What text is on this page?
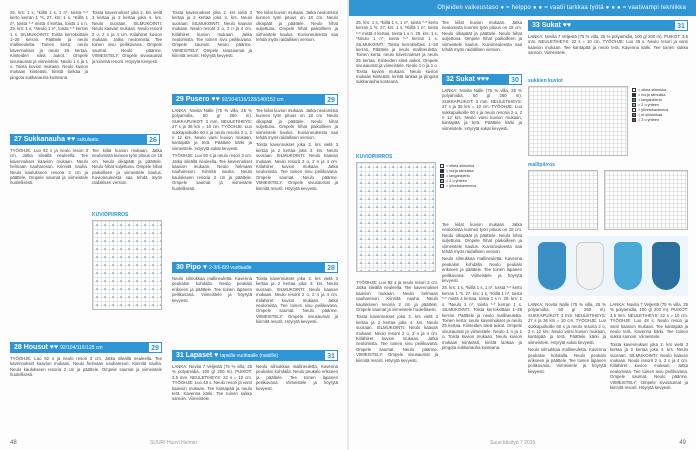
Ohjeiden vaikeustaso ● = helppo ● ● = vaatii tarkkaa työtä ● ● ● = vaativampi tekniikka

25. krs: 1 s, *kiillä 1 s, 1 n*, toista *-* kerto kerran 1 *s. 27. krs: 1 s, *Kiillä 1 n*, toista *-* mistä 4 kertaa, toista 1 s n. 29. krs: 1 s, *Neulo 1 n*, toista *-* kerran 1 s. SILMUKOINTI: Toista kerroksittain 1–28 kerran. Päättele ja neulo mallineuletta. Toinen kerta: neulo kavennukset ja neulo 25 kertaa. Kiinteiden sileä aukot. Ompele sivusaumat ja viimeistele. Neulo 1 n ja 1 o. Toista kuvion mukaan. Neulo kuvion mukaan kiinteästi, kiristä lankaa ja pingota sukkanauha kosteana.

Toista kavennukset joka 2. krs vielä 3 kertaa ja 2 kertaa joka 4. krs. Neulo suoraan. SILMUKOINTI: Neulo kaavan mukaan. Neulo resorit 2 o, 2 n ja 4 cm. Kiilahiiret kuvion mukaan. Jatka neulomista. Tee toinen sivu peilikuvana. Ompele saumat. Neulo päärme. VIIMEISTELY: Ompele sivusaumat ja kiinnitä resorit. Höyrytä kevyesti.

27 Sukkanauha ♥♥ sukulaatu	26

TYÖOHJE: Luo 92 s ja neulo resori 3 cm. Jatka sileällä neuleella. Tee kavennukset kaavion mukaan. Neulo helmaan nauharesori. Kiinnitä nauha. Neulo kaulukseen resoria 2 cm ja päättele. Ompele saumat ja viimeistele huolellisesti.

Tee kiilat kuvion mukaan. Jatka neulomista kunnes työn pituus on 18 cm. Neulo olkapäät ja päättele. Neulo hihat suljettuna. Ompele hihat paikoilleen ja viimeistele kaulus. Kuvioneuleesta saa tehdä myös raidallisen version.

KUVIOPIIRROS
28 Housut ♥♥ 92/104/116/128 cm	29

TYÖOHJE: Luo 92 s ja neulo resori 3 cm. Jatka sileällä neuleella. Tee kavennukset kaavion mukaan. Neulo helmaan nauharesori. Kiinnitä nauha. Neulo kaulukseen resoria 2 cm ja päättele. Ompele saumat ja viimeistele huolellisesti.

Toista kavennukset joka 2. krs vielä 3 kertaa ja 2 kertaa joka 4. krs. Neulo suoraan. SILMUKOINTI: Neulo kaavan mukaan. Neulo resorit 2 o, 2 n ja 4 cm. Kiilahiiret kuvion mukaan. Jatka neulomista. Tee toinen sivu peilikuvana. Ompele saumat. Neulo päärme. VIIMEISTELY: Ompele sivusaumat ja kiinnitä resorit. Höyrytä kevyesti.

Tee kiilat kuvion mukaan. Jatka neulomista kunnes työn pituus on 18 cm. Neulo olkapäät ja päättele. Neulo hihat suljettuna. Ompele hihat paikoilleen ja viimeistele kaulus. Kuvioneuleesta saa tehdä myös raidallisen version.

29 Pusero ♥♥ 92/104/116/128/140/152 cm	29

LANKA: Novita Nalle (75 % villa, 25 % polyamidia, 50 g/ 260 m). SUKKAPUIKOT: 3 mm. NEULETIHEYS: 27 s ja 36 krs = 10 cm. TYÖOHJE: Luo sukkapuikoille 60 s ja neulo resoria 2 o, 2 n 12 krs. Neulo varsi kuvion mukaan, kantapää ja terä. Päättele kärki ja viimeistele. Höyrytä sukat kevyesti.

TYÖOHJE: Luo 92 s ja neulo resori 3 cm. Jatka sileällä neuleella. Tee kavennukset kaavion mukaan. Neulo helmaan nauharesori. Kiinnitä nauha. Neulo kaulukseen resoria 2 cm ja päättele. Ompele saumat ja viimeistele huolellisesti.

Tee kiilat kuvion mukaan. Jatka neulomista kunnes työn pituus on 18 cm. Neulo olkapäät ja päättele. Neulo hihat suljettuna. Ompele hihat paikoilleen ja viimeistele kaulus. Kuvioneuleesta saa tehdä myös raidallisen version.

Toista kavennukset joka 2. krs vielä 3 kertaa ja 2 kertaa joka 4. krs. Neulo suoraan. SILMUKOINTI: Neulo kaavan mukaan. Neulo resorit 2 o, 2 n ja 4 cm. Kiilahiiret kuvion mukaan. Jatka neulomista. Tee toinen sivu peilikuvana. Ompele saumat. Neulo päärme. VIIMEISTELY: Ompele sivusaumat ja kiinnitä resorit. Höyrytä kevyesti.

30 Pipo ♥ 2-3/6-8/9 vuotiaalle	28

Neulo silmukkaa mallineuletta. Kavenna peukalon kohdalla. Neulo peukalo erikseen ja päättele. Tee toinen lapanen peilikuvana. Viimeistele ja höyrytä kevyesti.

Toista kavennukset joka 2. krs vielä 3 kertaa ja 2 kertaa joka 4. krs. Neulo suoraan. SILMUKOINTI: Neulo kaavan mukaan. Neulo resorit 2 o, 2 n ja 4 cm. Kiilahiiret kuvion mukaan. Jatka neulomista. Tee toinen sivu peilikuvana. Ompele saumat. Neulo päärme. VIIMEISTELY: Ompele sivusaumat ja kiinnitä resorit. Höyrytä kevyesti.

31 Lapaset ♥ lapsille vuotiaalle (naisille)	31

LANKA: Novita 7 Veljestä (75 % villa, 25 % polyamidia, 100 g/ 200 m). PUIKOT: 3,5 mm. NEULETIHEYS: 22 s = 10 cm. TYÖOHJE: Luo 48 s. Neulo resori ja varsi kaavion mukaan. Tee kantapää ja neulo terä. Kavenna kärki. Tee toinen sukka samoin. Viimeistele.

Neulo silmukkaa mallineuletta. Kavenna peukalon kohdalla. Neulo peukalo erikseen ja päättele. Tee toinen lapanen peilikuvana. Viimeistele ja höyrytä kevyesti.

48	SUURI Huovi Helmer

25. krs: 1 s, *kiillä 1 s, 1 n*, toista *-* kerto kerran 1 *s. 27. krs: 1 s, *Kiillä 1 n*, toista *-* mistä 4 kertaa, toista 1 s n. 29. krs: 1 s, *Neulo 1 n*, toista *-* kerran 1 s. SILMUKOINTI: Toista kerroksittain 1–28 kerran. Päättele ja neulo mallineuletta. Toinen kerta: neulo kavennukset ja neulo 25 kertaa. Kiinteiden sileä aukot. Ompele sivusaumat ja viimeistele. Neulo 1 n ja 1 o. Toista kuvion mukaan. Neulo kuvion mukaan kiinteästi, kiristä lankaa ja pingota sukkanauha kosteana.

Tee kiilat kuvion mukaan. Jatka neulomista kunnes työn pituus on 18 cm. Neulo olkapäät ja päättele. Neulo hihat suljettuna. Ompele hihat paikoilleen ja viimeistele kaulus. Kuvioneuleesta saa tehdä myös raidallisen version.

32 Sukat ♥♥♥	30

LANKA: Novita Nalle (75 % villa, 25 % polyamidia, 50 g/ 260 m). SUKKAPUIKOT: 3 mm. NEULETIHEYS: 27 s ja 36 krs = 10 cm. TYÖOHJE: Luo sukkapuikoille 60 s ja neulo resoria 2 o, 2 n 12 krs. Neulo varsi kuvion mukaan, kantapää ja terä. Päättele kärki ja viimeistele. Höyrytä sukat kevyesti.

KUVIOPIIRROS
= oikea silmukka
= nurja silmukka
= langankierto
= 2 o yhteen
= ylivetokavennus

TYÖOHJE: Luo 92 s ja neulo resori 3 cm. Jatka sileällä neuleella. Tee kavennukset kaavion mukaan. Neulo helmaan nauharesori. Kiinnitä nauha. Neulo kaulukseen resoria 2 cm ja päättele. Ompele saumat ja viimeistele huolellisesti.

Toista kavennukset joka 2. krs vielä 3 kertaa ja 2 kertaa joka 4. krs. Neulo suoraan. SILMUKOINTI: Neulo kaavan mukaan. Neulo resorit 2 o, 2 n ja 4 cm. Kiilahiiret kuvion mukaan. Jatka neulomista. Tee toinen sivu peilikuvana. Ompele saumat. Neulo päärme. VIIMEISTELY: Ompele sivusaumat ja kiinnitä resorit. Höyrytä kevyesti.

Tee kiilat kuvion mukaan. Jatka neulomista kunnes työn pituus on 18 cm. Neulo olkapäät ja päättele. Neulo hihat suljettuna. Ompele hihat paikoilleen ja viimeistele kaulus. Kuvioneuleesta saa tehdä myös raidallisen version.

Neulo silmukkaa mallineuletta. Kavenna peukalon kohdalla. Neulo peukalo erikseen ja päättele. Tee toinen lapanen peilikuvana. Viimeistele ja höyrytä kevyesti.

25. krs: 1 s, *kiillä 1 s, 1 n*, toista *-* kerto kerran 1 *s. 27. krs: 1 s, *Kiillä 1 n*, toista *-* mistä 4 kertaa, toista 1 s n. 29. krs: 1 s, *Neulo 1 n*, toista *-* kerran 1 s. SILMUKOINTI: Toista kerroksittain 1–28 kerran. Päättele ja neulo mallineuletta. Toinen kerta: neulo kavennukset ja neulo 25 kertaa. Kiinteiden sileä aukot. Ompele sivusaumat ja viimeistele. Neulo 1 n ja 1 o. Toista kuvion mukaan. Neulo kuvion mukaan kiinteästi, kiristä lankaa ja pingota sukkanauha kosteana.

33 Sukat ♥♥	31

LANKA: Novita 7 Veljestä (75 % villa, 25 % polyamidia, 100 g/ 200 m). PUIKOT: 3,5 mm. NEULETIHEYS: 22 s = 10 cm. TYÖOHJE: Luo 48 s. Neulo resori ja varsi kaavion mukaan. Tee kantapää ja neulo terä. Kavenna kärki. Tee toinen sukka samoin. Viimeistele.

sukkien kuviot
= oikea silmukka
= nurja silmukka
= langankierto
= 2 o yhteen
= ylivetokavennus
= ei silmukkaa
= 3 o yhteen
mallipiirros

LANKA: Novita Nalle (75 % villa, 25 % polyamidia, 50 g/ 260 m). SUKKAPUIKOT: 3 mm. NEULETIHEYS: 27 s ja 36 krs = 10 cm. TYÖOHJE: Luo sukkapuikoille 60 s ja neulo resoria 2 o, 2 n 12 krs. Neulo varsi kuvion mukaan, kantapää ja terä. Päättele kärki ja viimeistele. Höyrytä sukat kevyesti.

Neulo silmukkaa mallineuletta. Kavenna peukalon kohdalla. Neulo peukalo erikseen ja päättele. Tee toinen lapanen peilikuvana. Viimeistele ja höyrytä kevyesti.

LANKA: Novita 7 Veljestä (75 % villa, 25 % polyamidia, 100 g/ 200 m). PUIKOT: 3,5 mm. NEULETIHEYS: 22 s = 10 cm. TYÖOHJE: Luo 48 s. Neulo resori ja varsi kaavion mukaan. Tee kantapää ja neulo terä. Kavenna kärki. Tee toinen sukka samoin. Viimeistele.

Toista kavennukset joka 2. krs vielä 3 kertaa ja 2 kertaa joka 4. krs. Neulo suoraan. SILMUKOINTI: Neulo kaavan mukaan. Neulo resorit 2 o, 2 n ja 4 cm. Kiilahiiret kuvion mukaan. Jatka neulomista. Tee toinen sivu peilikuvana. Ompele saumat. Neulo päärme. VIIMEISTELY: Ompele sivusaumat ja kiinnitä resorit. Höyrytä kevyesti.

Suuri käsityö 7 2015	49
